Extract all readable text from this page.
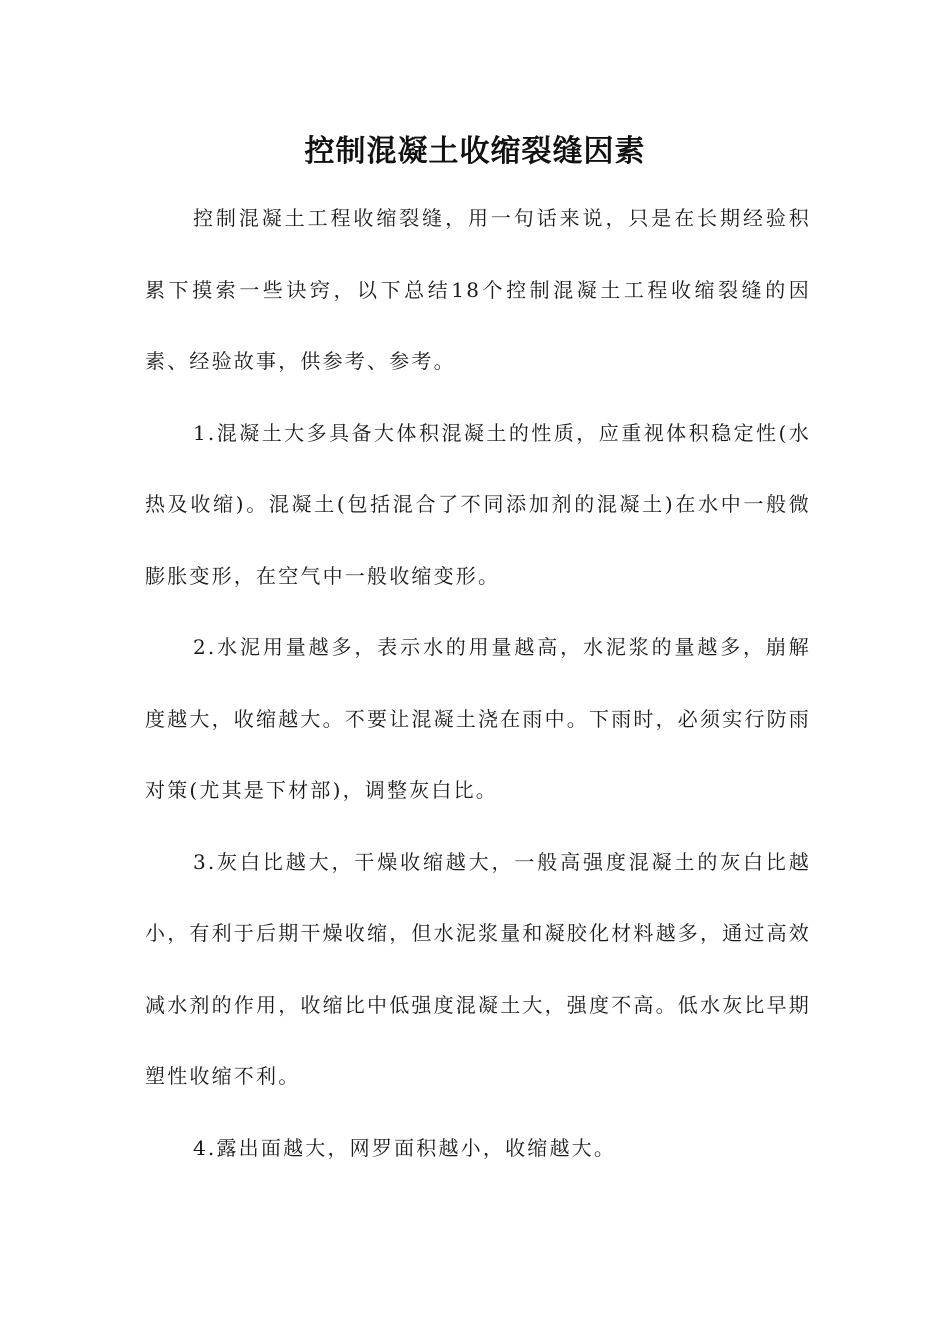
控制混凝土收缩裂缝因素

控制混凝土工程收缩裂缝，用一句话来说，只是在长期经验积累下摸索一些诀窍，以下总结18个控制混凝土工程收缩裂缝的因素、经验故事，供参考、参考。

1.混凝土大多具备大体积混凝土的性质，应重视体积稳定性(水热及收缩)。混凝土(包括混合了不同添加剂的混凝土)在水中一般微膨胀变形，在空气中一般收缩变形。

2.水泥用量越多，表示水的用量越高，水泥浆的量越多，崩解度越大，收缩越大。不要让混凝土浇在雨中。下雨时，必须实行防雨对策(尤其是下材部)，调整灰白比。

3.灰白比越大，干燥收缩越大，一般高强度混凝土的灰白比越小，有利于后期干燥收缩，但水泥浆量和凝胶化材料越多，通过高效减水剂的作用，收缩比中低强度混凝土大，强度不高。低水灰比早期塑性收缩不利。

4.露出面越大，网罗面积越小，收缩越大。
